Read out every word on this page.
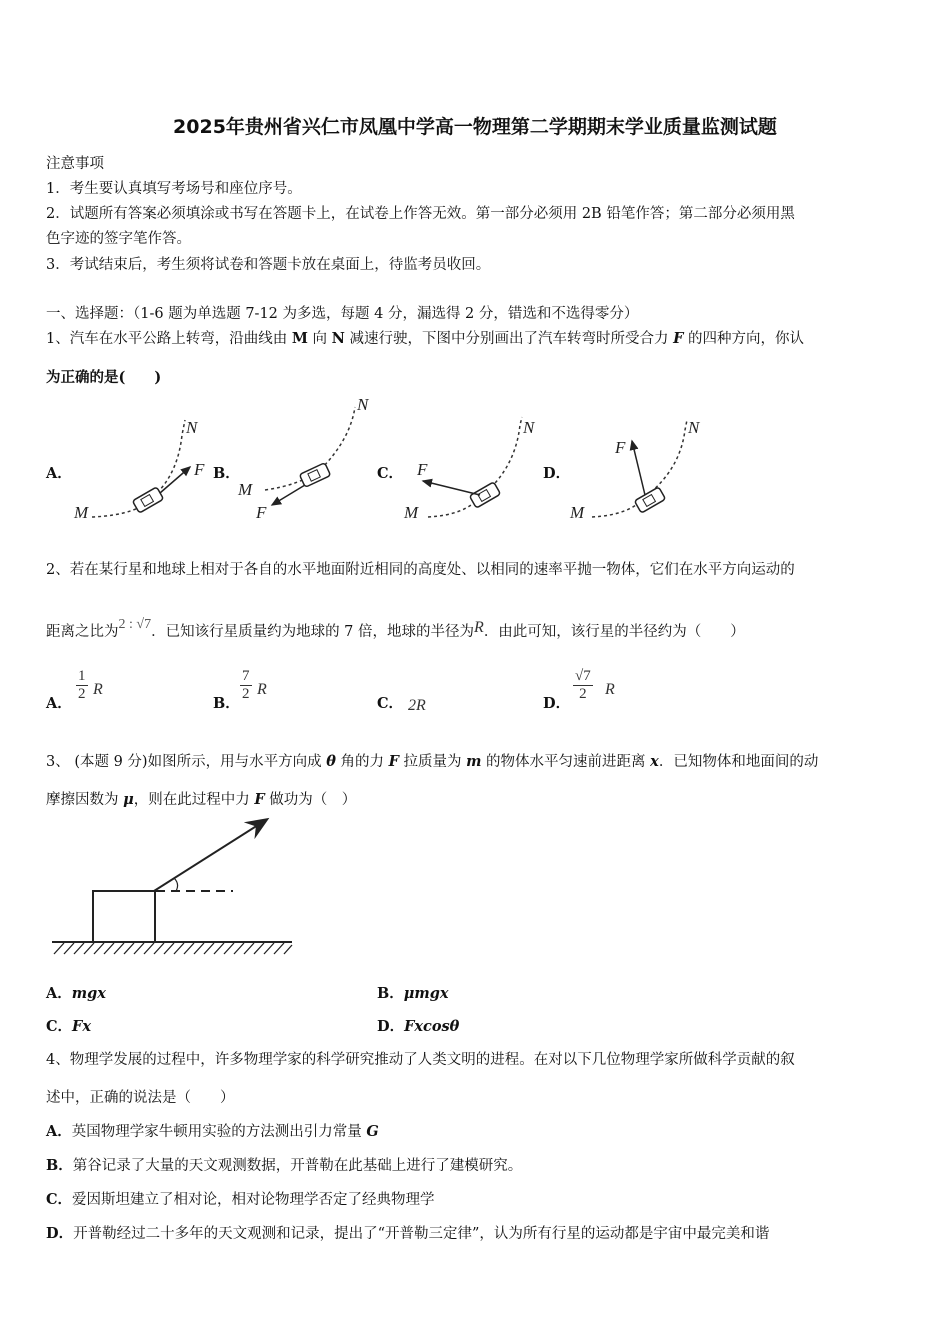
2025年贵州省兴仁市凤凰中学高一物理第二学期期末学业质量监测试题
注意事项
1．考生要认真填写考场号和座位序号。
2．试题所有答案必须填涂或书写在答题卡上，在试卷上作答无效。第一部分必须用 2B 铅笔作答；第二部分必须用黑
色字迹的签字笔作答。
3．考试结束后，考生须将试卷和答题卡放在桌面上，待监考员收回。
一、选择题：（1-6 题为单选题 7-12 为多选，每题 4 分，漏选得 2 分，错选和不选得零分）
1、汽车在水平公路上转弯，沿曲线由 M 向 N 减速行驶，下图中分别画出了汽车转弯时所受合力 F 的四种方向，你认
为正确的是(　　)
A．	B．	C．	D．
M
N
F
M
N
F	M
N
F
M
N
F
2、若在某行星和地球上相对于各自的水平地面附近相同的高度处、以相同的速率平抛一物体，它们在水平方向运动的
距离之比为2 : √7．已知该行星质量约为地球的 7 倍，地球的半径为R．由此可知，该行星的半径约为（　　）
A．
1
2 R
B．
7
2 R
C． 2R	D．
√7
2	R
3、 (本题 9 分)如图所示，用与水平方向成 θ 角的力 F 拉质量为 m 的物体水平匀速前进距离 x．已知物体和地面间的动
摩擦因数为 μ，则在此过程中力 F 做功为（　）
A．mgx	B．μmgx
C．Fx	D．Fxcosθ
4、物理学发展的过程中，许多物理学家的科学研究推动了人类文明的进程。在对以下几位物理学家所做科学贡献的叙
述中，正确的说法是（　　）
A．英国物理学家牛顿用实验的方法测出引力常量 G
B．第谷记录了大量的天文观测数据，开普勒在此基础上进行了建模研究。
C．爱因斯坦建立了相对论，相对论物理学否定了经典物理学
D．开普勒经过二十多年的天文观测和记录，提出了“开普勒三定律”，认为所有行星的运动都是宇宙中最完美和谐
